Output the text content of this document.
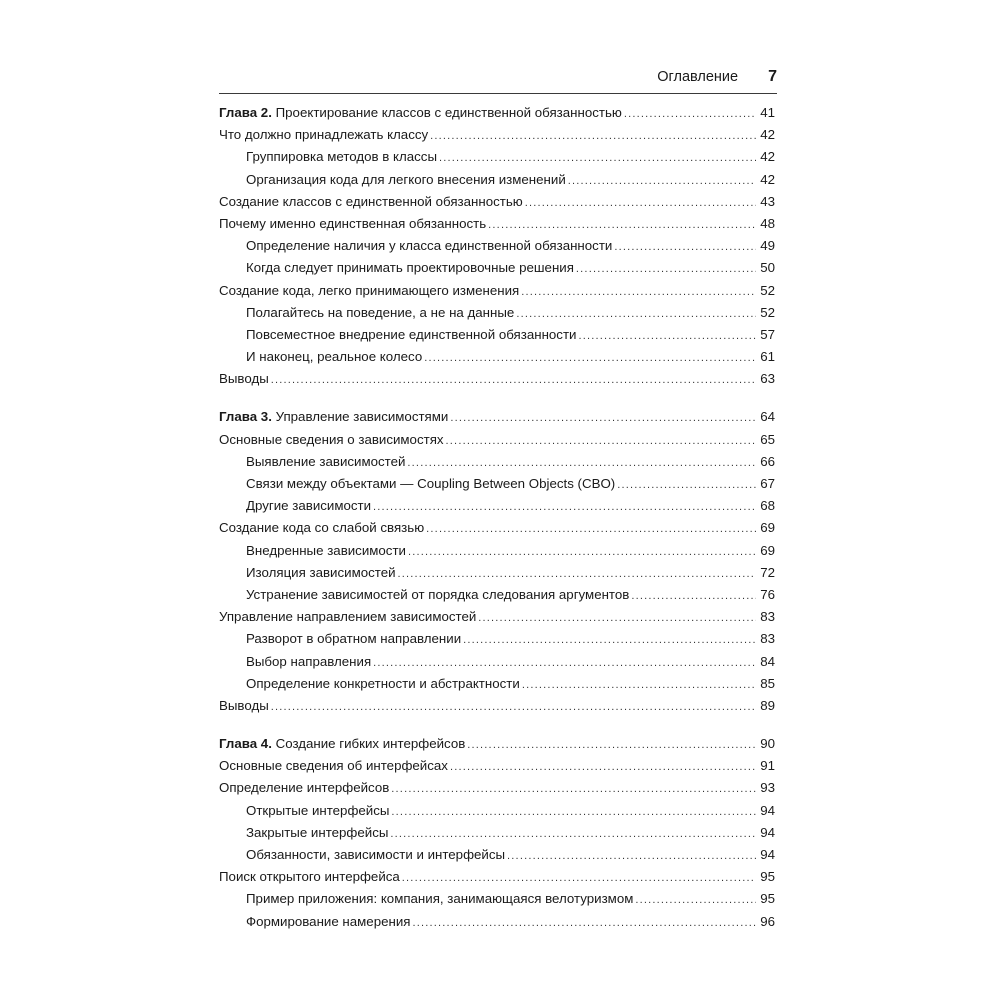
Оглавление 7
Глава 2. Проектирование классов с единственной обязанностью .....	41
Что должно принадлежать классу .....	42
Группировка методов в классы .....	42
Организация кода для легкого внесения изменений .....	42
Создание классов с единственной обязанностью .....	43
Почему именно единственная обязанность .....	48
Определение наличия у класса единственной обязанности .....	49
Когда следует принимать проектировочные решения .....	50
Создание кода, легко принимающего изменения .....	52
Полагайтесь на поведение, а не на данные .....	52
Повсеместное внедрение единственной обязанности .....	57
И наконец, реальное колесо .....	61
Выводы .....	63
Глава 3. Управление зависимостями .....	64
Основные сведения о зависимостях .....	65
Выявление зависимостей .....	66
Связи между объектами — Coupling Between Objects (CBO) .....	67
Другие зависимости .....	68
Создание кода со слабой связью .....	69
Внедренные зависимости .....	69
Изоляция зависимостей .....	72
Устранение зависимостей от порядка следования аргументов .....	76
Управление направлением зависимостей .....	83
Разворот в обратном направлении .....	83
Выбор направления .....	84
Определение конкретности и абстрактности .....	85
Выводы .....	89
Глава 4. Создание гибких интерфейсов .....	90
Основные сведения об интерфейсах .....	91
Определение интерфейсов .....	93
Открытые интерфейсы .....	94
Закрытые интерфейсы .....	94
Обязанности, зависимости и интерфейсы .....	94
Поиск открытого интерфейса .....	95
Пример приложения: компания, занимающаяся велотуризмом .....	95
Формирование намерения .....	96
